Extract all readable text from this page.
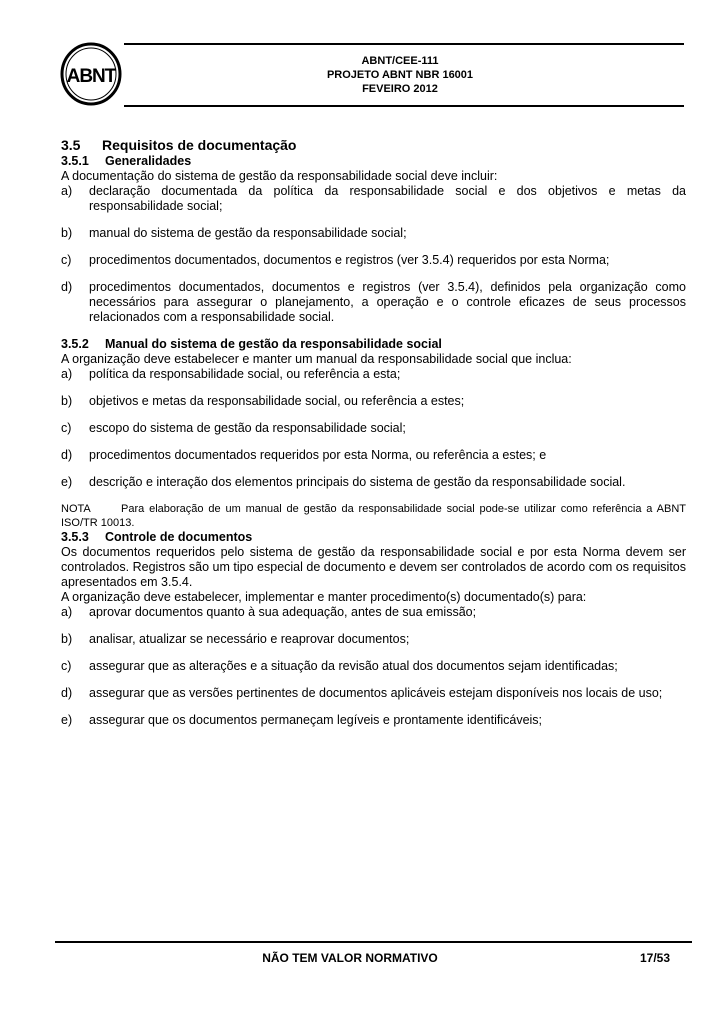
ABNT
ABNT/CEE-111
PROJETO ABNT NBR 16001
FEVEIRO 2012

3.5 Requisitos de documentação

3.5.1 Generalidades

A documentação do sistema de gestão da responsabilidade social deve incluir:

a)	declaração documentada da política da responsabilidade social e dos objetivos e metas da responsabilidade social;
b)	manual do sistema de gestão da responsabilidade social;
c)	procedimentos documentados, documentos e registros (ver 3.5.4) requeridos por esta Norma;
d)	procedimentos documentados, documentos e registros (ver 3.5.4), definidos pela organização como necessários para assegurar o planejamento, a operação e o controle eficazes de seus processos relacionados com a responsabilidade social.

3.5.2 Manual do sistema de gestão da responsabilidade social

A organização deve estabelecer e manter um manual da responsabilidade social que inclua:

a)	política da responsabilidade social, ou referência a esta;
b)	objetivos e metas da responsabilidade social, ou referência a estes;
c)	escopo do sistema de gestão da responsabilidade social;
d)	procedimentos documentados requeridos por esta Norma, ou referência a estes; e
e)	descrição e interação dos elementos principais do sistema de gestão da responsabilidade social.

NOTA	Para elaboração de um manual de gestão da responsabilidade social pode-se utilizar como referência a ABNT ISO/TR 10013.

3.5.3 Controle de documentos

Os documentos requeridos pelo sistema de gestão da responsabilidade social e por esta Norma devem ser controlados. Registros são um tipo especial de documento e devem ser controlados de acordo com os requisitos apresentados em 3.5.4.

A organização deve estabelecer, implementar e manter procedimento(s) documentado(s) para:

a)	aprovar documentos quanto à sua adequação, antes de sua emissão;
b)	analisar, atualizar se necessário e reaprovar documentos;
c)	assegurar que as alterações e a situação da revisão atual dos documentos sejam identificadas;
d)	assegurar que as versões pertinentes de documentos aplicáveis estejam disponíveis nos locais de uso;
e)	assegurar que os documentos permaneçam legíveis e prontamente identificáveis;
NÃO TEM VALOR NORMATIVO	17/53
